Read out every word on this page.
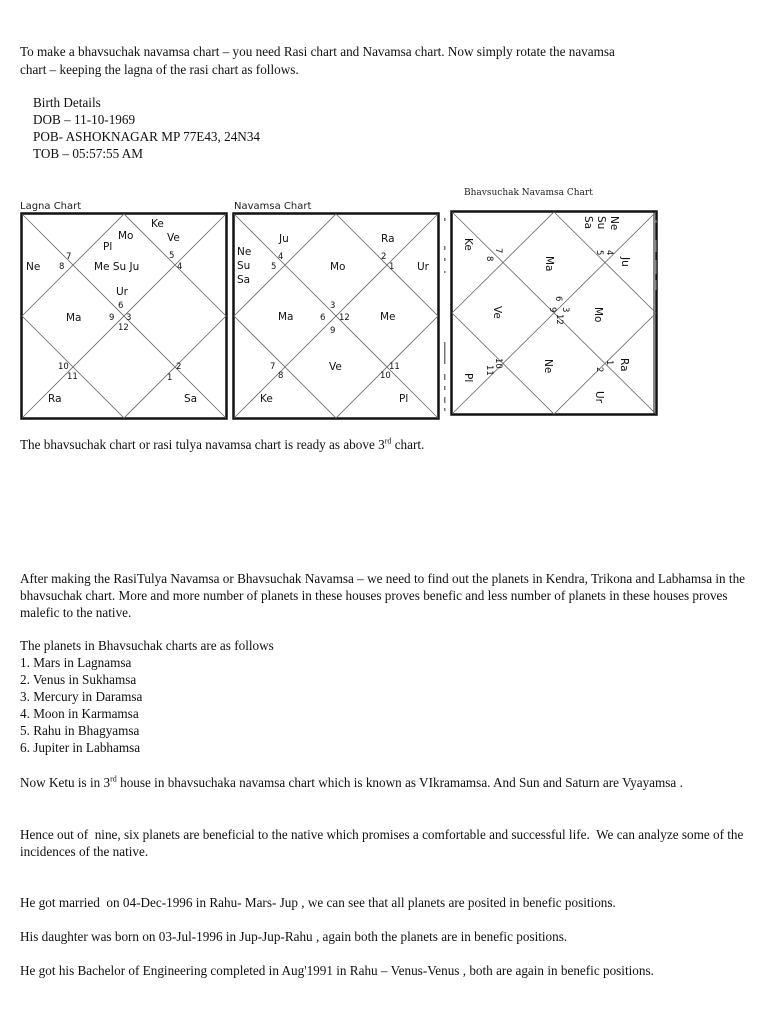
To make a bhavsuchak navamsa chart – you need Rasi chart and Navamsa chart. Now simply rotate the navamsa
chart – keeping the lagna of the rasi chart as follows.
Birth Details
DOB – 11-10-1969
POB- ASHOKNAGAR MP 77E43, 24N34
TOB – 05:57:55 AM
Lagna Chart	Navamsa Chart
Bhavsuchak Navamsa Chart
Ke
Mo	Ve
Pl
Ne	Me Su Ju
Ur
Ma
Ra	Sa
6
7
8
5
4
9 3
12
10
11
2
1
Ju	Ra
Ne
Su
Sa
Mo	Ur
Ma	Me
Ve
Ke	Pl
4
5
2
1
3
6 12
9
7
8	10
11
Ne
Su
Sa
Ke
Ma	Ju
Ve	Mo
Ne	Ra
Pl
Ur
4
5
7
8
6
3
9
12
1
2
10
11
The bhavsuchak chart or rasi tulya navamsa chart is ready as above 3rd chart.
After making the RasiTulya Navamsa or Bhavsuchak Navamsa – we need to find out the planets in Kendra, Trikona and Labhamsa in the bhavsuchak chart. More and more number of planets in these houses proves benefic and less number of planets in these houses proves malefic to the native.
The planets in Bhavsuchak charts are as follows
1. Mars in Lagnamsa
2. Venus in Sukhamsa
3. Mercury in Daramsa
4. Moon in Karmamsa
5. Rahu in Bhagyamsa
6. Jupiter in Labhamsa
Now Ketu is in 3rd house in bhavsuchaka navamsa chart which is known as VIkramamsa. And Sun and Saturn are Vyayamsa .
Hence out of  nine, six planets are beneficial to the native which promises a comfortable and successful life.  We can analyze some of the incidences of the native.
He got married  on 04-Dec-1996 in Rahu- Mars- Jup , we can see that all planets are posited in benefic positions.
His daughter was born on 03-Jul-1996 in Jup-Jup-Rahu , again both the planets are in benefic positions.
He got his Bachelor of Engineering completed in Aug'1991 in Rahu – Venus-Venus , both are again in benefic positions.
